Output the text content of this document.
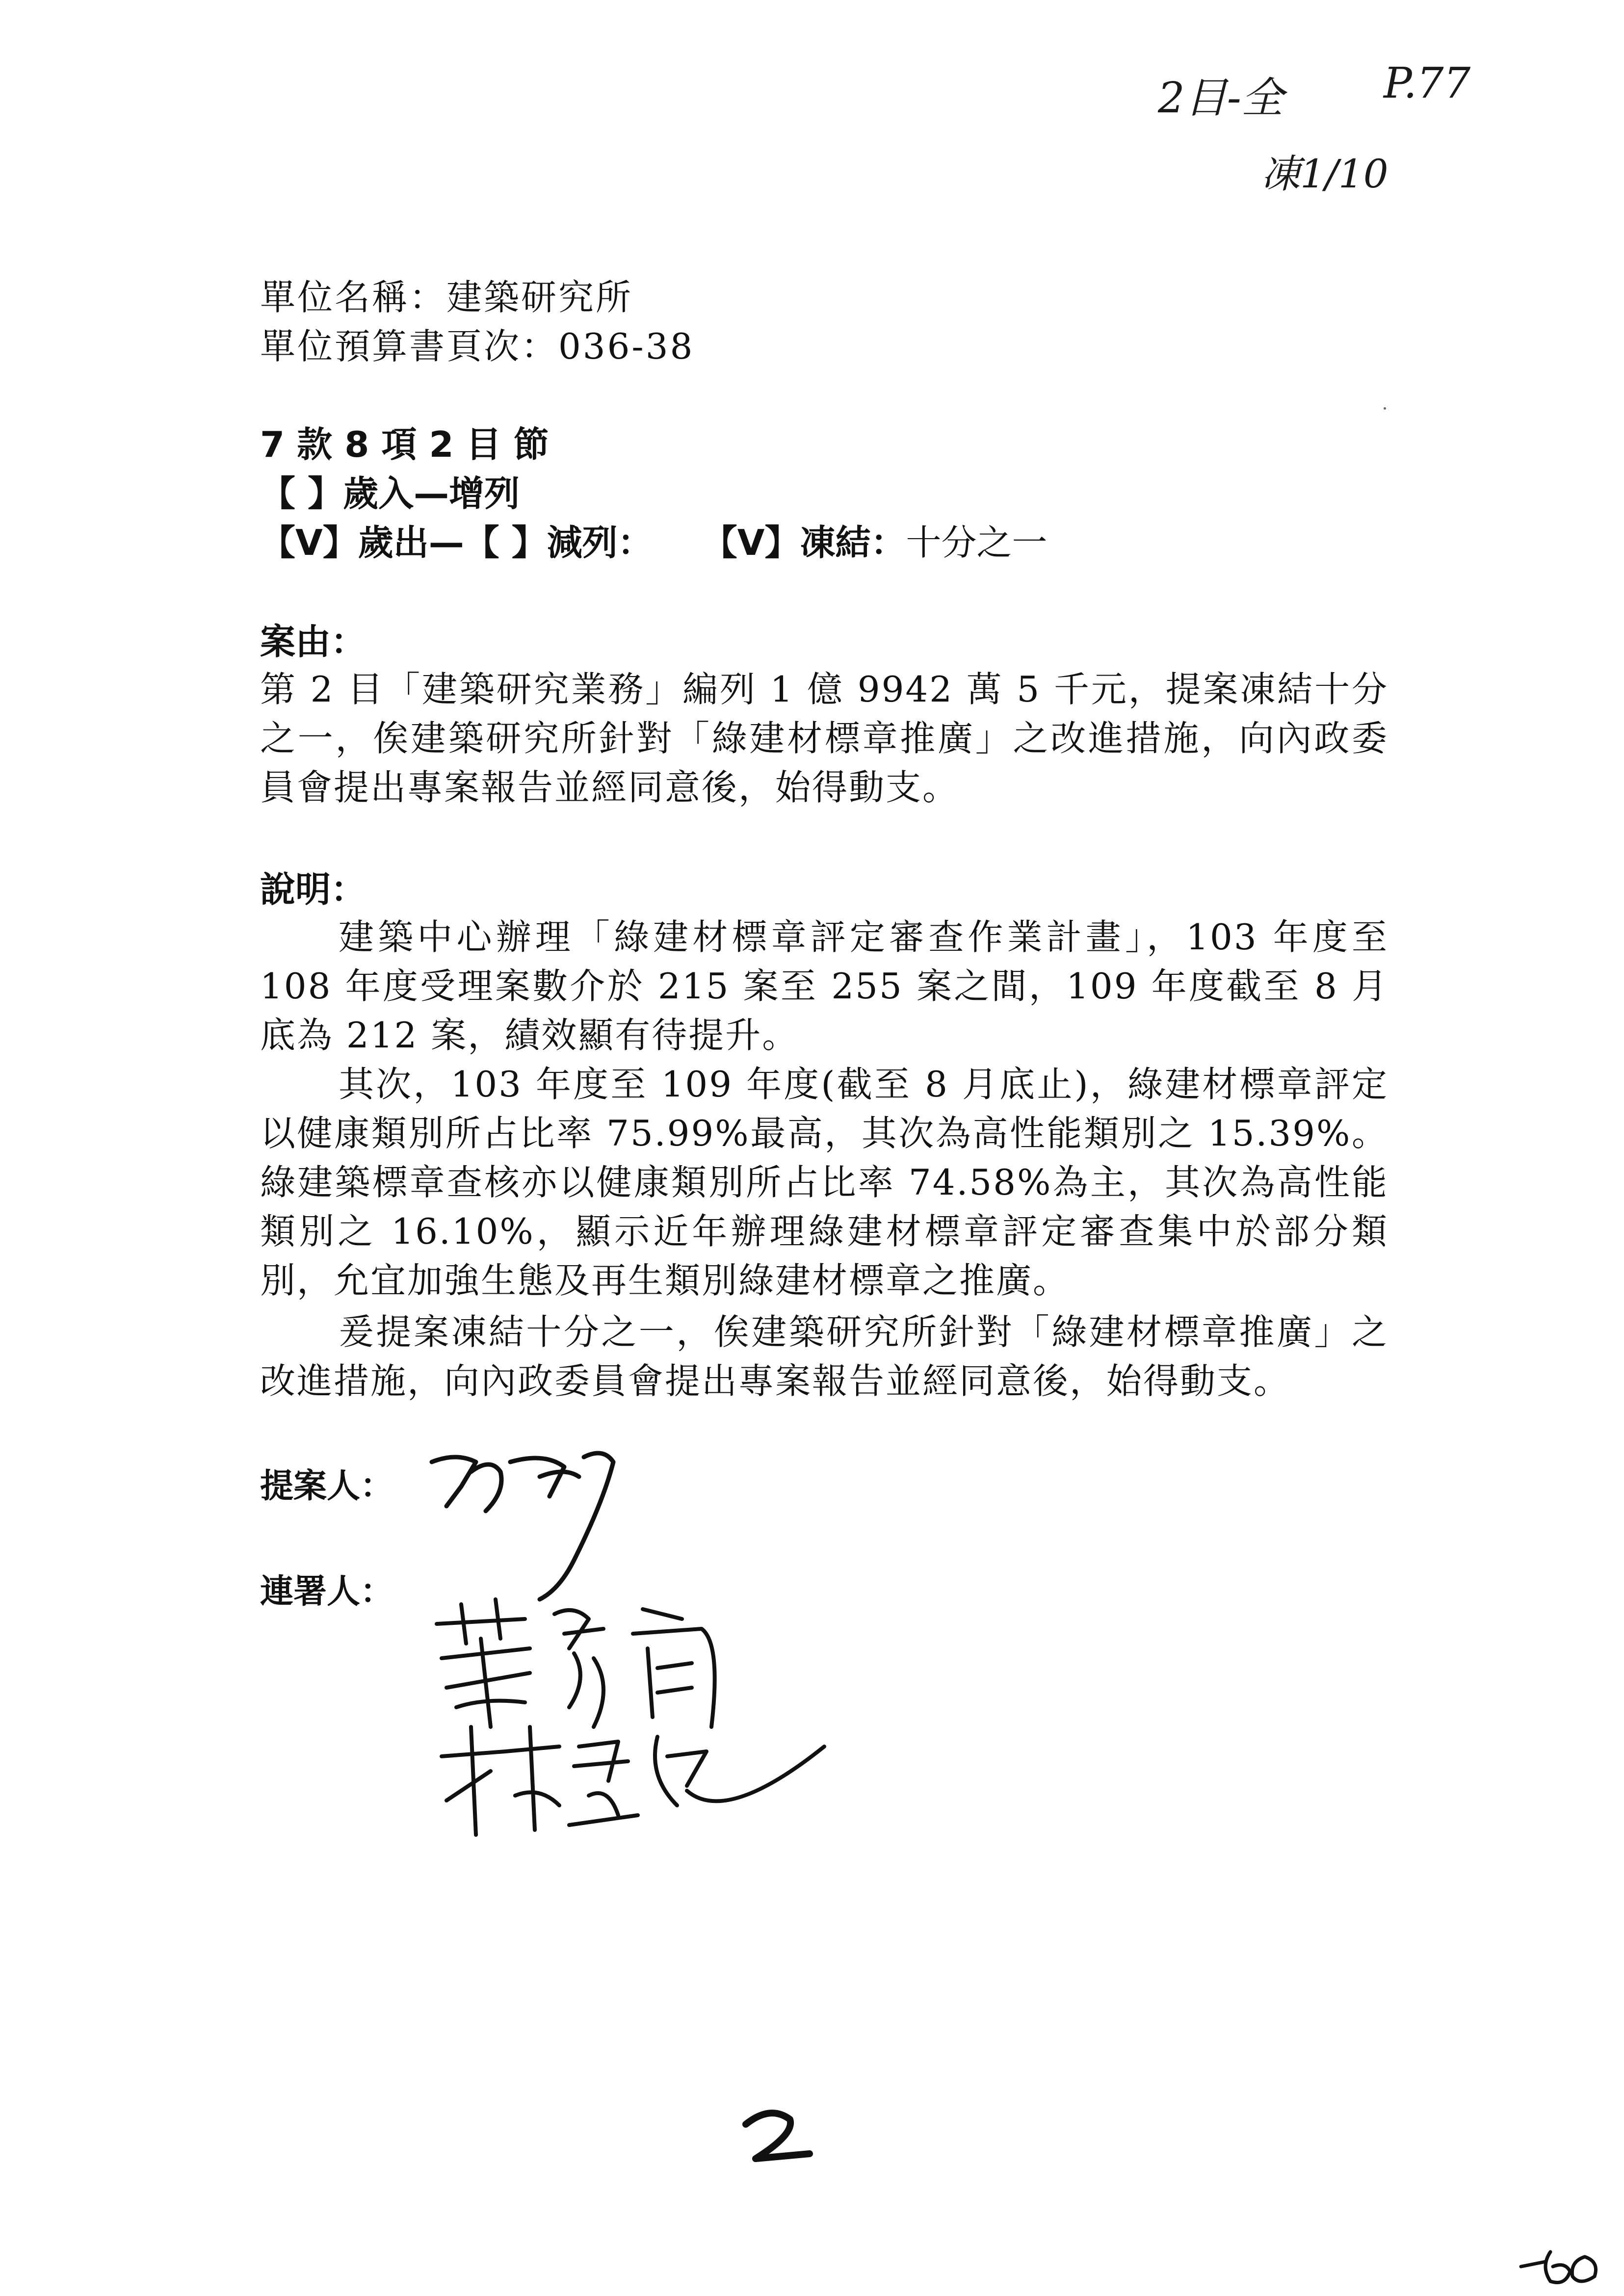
2目-全 P.77
凍1/10
單位名稱：建築研究所
單位預算書頁次：036-38
7 款 8 項 2 目 節
【 】歲入—增列
【V】歲出—【 】減列： 【V】凍結：十分之一
案由：
第 2 目「建築研究業務」編列 1 億 9942 萬 5 千元，提案凍結十分之一，俟建築研究所針對「綠建材標章推廣」之改進措施，向內政委員會提出專案報告並經同意後，始得動支。
說明：
建築中心辦理「綠建材標章評定審查作業計畫」，103 年度至 108 年度受理案數介於 215 案至 255 案之間，109 年度截至 8 月底為 212 案，績效顯有待提升。
其次，103 年度至 109 年度(截至 8 月底止)，綠建材標章評定以健康類別所占比率 75.99%最高，其次為高性能類別之 15.39%。綠建築標章查核亦以健康類別所占比率 74.58%為主，其次為高性能類別之 16.10%，顯示近年辦理綠建材標章評定審查集中於部分類別，允宜加強生態及再生類別綠建材標章之推廣。
爰提案凍結十分之一，俟建築研究所針對「綠建材標章推廣」之改進措施，向內政委員會提出專案報告並經同意後，始得動支。
提案人：
連署人：
2
-60
